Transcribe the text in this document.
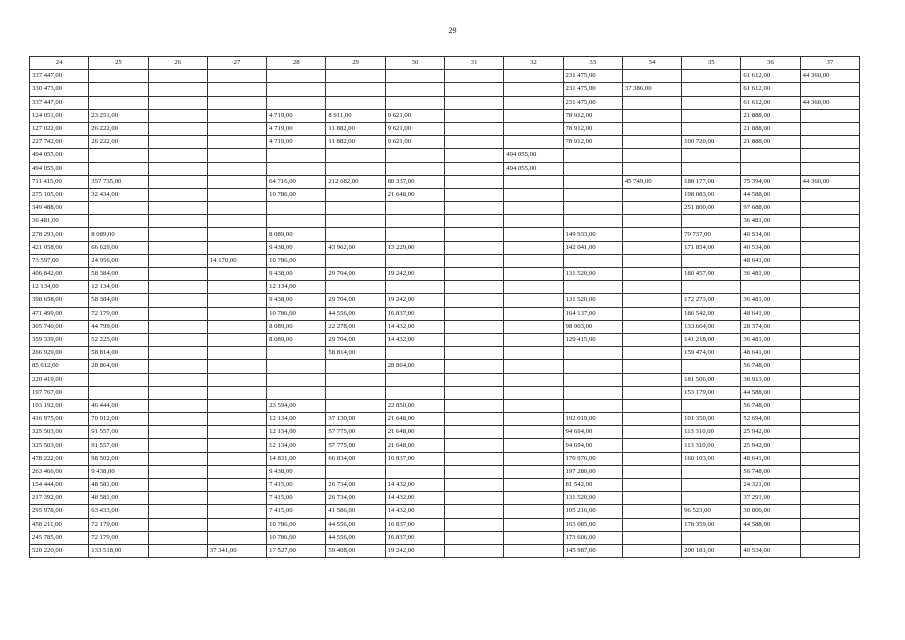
29
24	25	26	27	28	29	30	31	32	33	34	35	36	37
337 447,00									231 475,00			61 612,00	44 360,00
330 473,00									231 475,00	37 386,00		61 612,00	
337 447,00									231 475,00			61 612,00	44 360,00
124 051,00	23 251,00			4 719,00	8 911,00	9 621,00			78 912,00			21 888,00	
127 022,00	26 222,00			4 719,00	11 882,00	9 621,00			78 912,00			21 888,00	
227 742,00	26 222,00			4 719,00	11 882,00	9 621,00			78 912,00		100 720,00	21 888,00	
494 055,00								494 055,00					
494 055,00								494 055,00					
711 415,00	357 735,00			64 716,00	212 682,00	80 337,00				45 749,00	188 177,00	75 394,00	44 360,00
275 105,00	32 434,00			10 786,00		21 648,00					198 083,00	44 588,00	
349 488,00											251 800,00	97 688,00	
36 481,00												36 481,00	
278 293,00	8 089,00			8 089,00					149 933,00		79 737,00	40 534,00	
421 058,00	66 629,00			9 438,00	43 962,00	13 229,00			142 041,00		171 854,00	40 534,00	
73 597,00	24 956,00		14 170,00	10 786,00								48 641,00	
406 842,00	58 384,00			9 438,00	29 704,00	19 242,00			131 520,00		180 457,00	36 481,00	
12 134,00	12 134,00			12 134,00									
398 658,00	58 384,00			9 438,00	29 704,00	19 242,00			131 520,00		172 273,00	36 481,00	
471 499,00	72 179,00			10 786,00	44 556,00	16 837,00			164 137,00		186 542,00	48 641,00	
305 740,00	44 799,00			8 089,00	22 278,00	14 432,00			98 903,00		133 664,00	28 374,00	
359 339,00	52 225,00			8 089,00	29 704,00	14 432,00			129 415,00		141 218,00	36 481,00	
266 929,00	58 814,00				58 814,00						159 474,00	48 641,00	
85 612,00	28 864,00					28 864,00						56 748,00	
220 419,00											181 506,00	38 913,00	
197 767,00											153 179,00	44 588,00	
103 192,00	46 444,00			23 594,00		22 850,00						56 748,00	
416 975,00	70 912,00			12 134,00	37 130,00	21 648,00			192 019,00		101 350,00	52 694,00	
325 503,00	91 557,00			12 134,00	57 775,00	21 648,00			94 694,00		113 310,00	25 942,00	
325 503,00	91 557,00			12 134,00	57 775,00	21 648,00			94 694,00		113 310,00	25 942,00	
478 222,00	98 502,00			14 831,00	66 834,00	16 837,00			170 976,00		160 103,00	48 641,00	
263 466,00	9 438,00			9 438,00					197 280,00			56 748,00	
154 444,00	48 581,00			7 415,00	26 734,00	14 432,00			81 542,00			24 321,00	
217 392,00	48 581,00			7 415,00	26 734,00	14 432,00			131 520,00			37 291,00	
295 978,00	63 433,00			7 415,00	41 586,00	14 432,00			105 216,00		96 523,00	30 806,00	
458 211,00	72 179,00			10 786,00	44 556,00	16 837,00			163 085,00		178 359,00	44 588,00	
245 785,00	72 179,00			10 786,00	44 556,00	16 837,00			173 606,00				
520 220,00	133 518,00		37 341,00	17 527,00	59 408,00	19 242,00			145 987,00		200 181,00	40 534,00	
